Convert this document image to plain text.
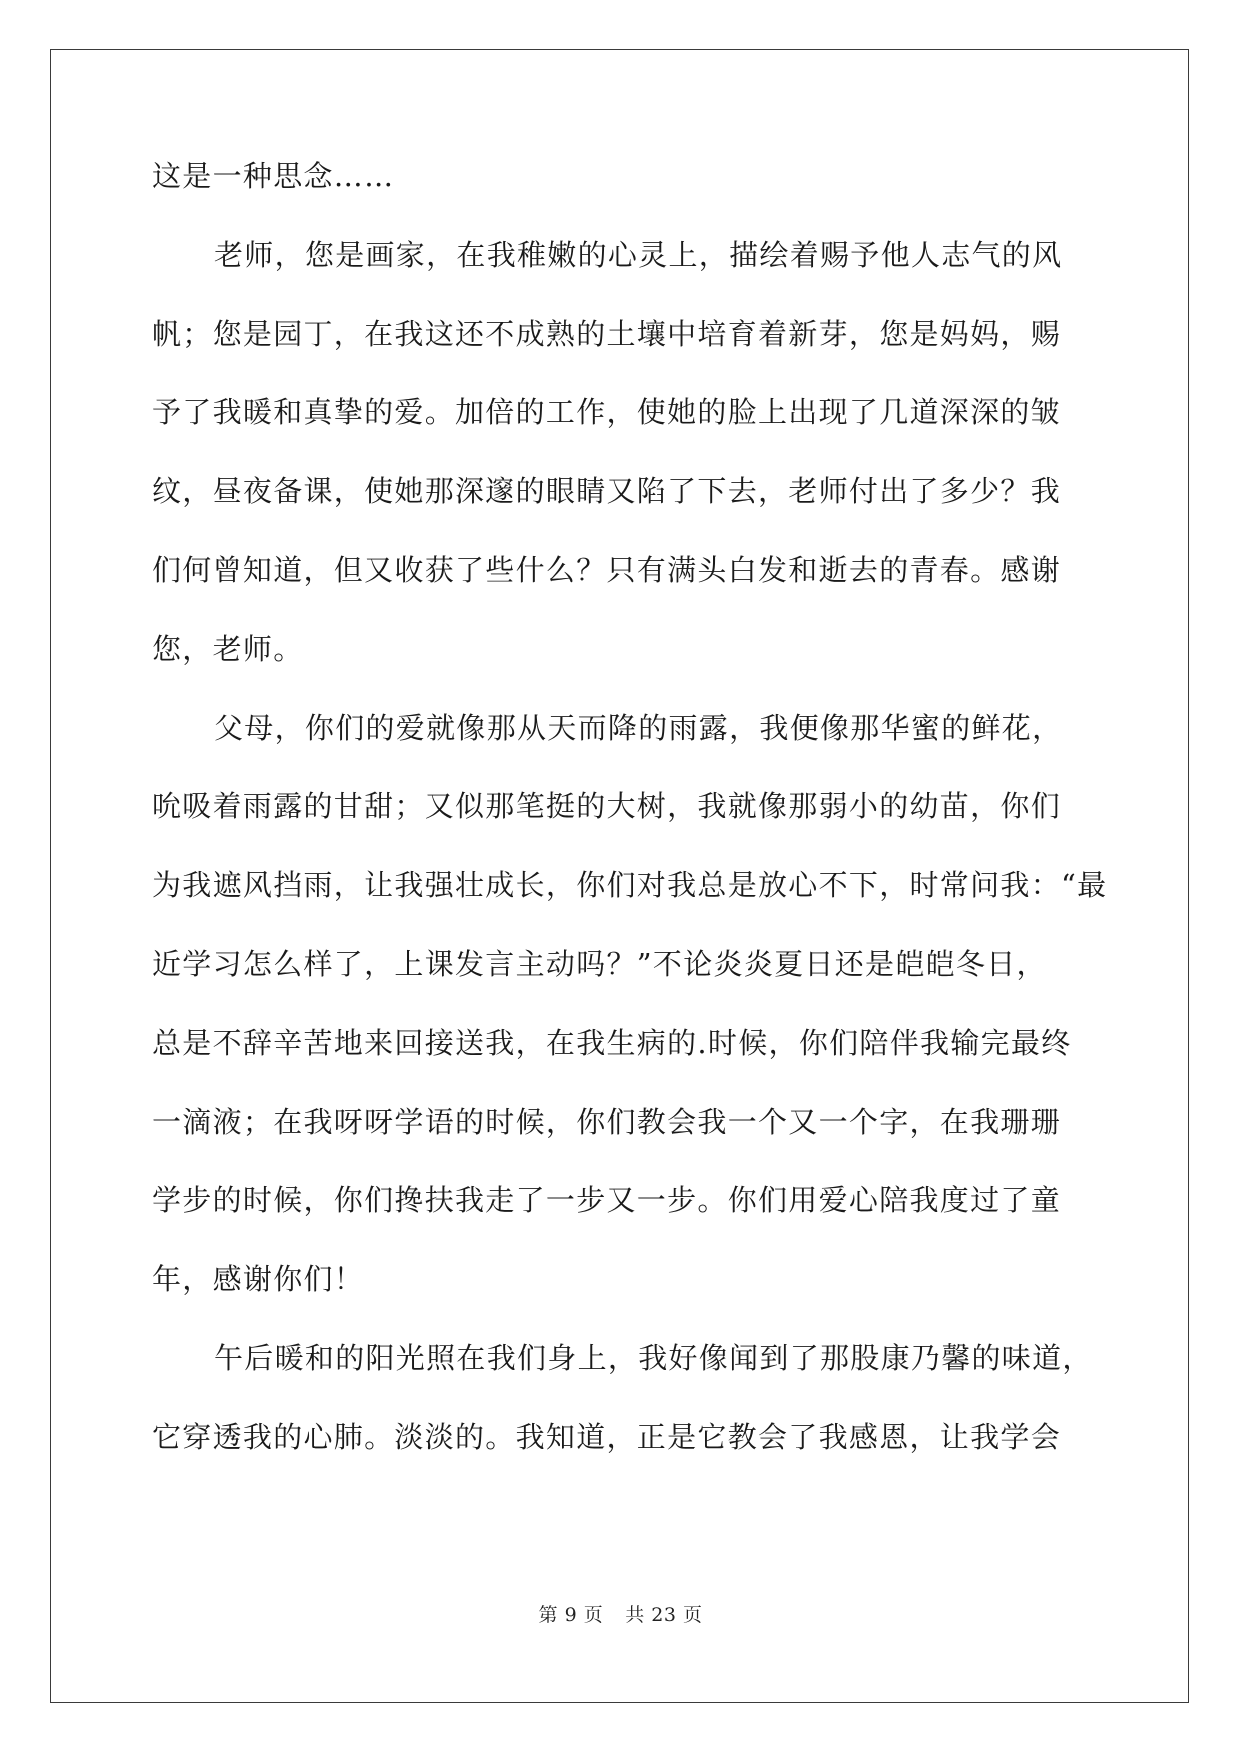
这是一种思念……
老师，您是画家，在我稚嫩的心灵上，描绘着赐予他人志气的风
帆；您是园丁，在我这还不成熟的土壤中培育着新芽，您是妈妈，赐
予了我暖和真挚的爱。加倍的工作，使她的脸上出现了几道深深的皱
纹，昼夜备课，使她那深邃的眼睛又陷了下去，老师付出了多少？我
们何曾知道，但又收获了些什么？只有满头白发和逝去的青春。感谢
您，老师。
父母，你们的爱就像那从天而降的雨露，我便像那华蜜的鲜花，
吮吸着雨露的甘甜；又似那笔挺的大树，我就像那弱小的幼苗，你们
为我遮风挡雨，让我强壮成长，你们对我总是放心不下，时常问我：“最
近学习怎么样了，上课发言主动吗？”不论炎炎夏日还是皑皑冬日，
总是不辞辛苦地来回接送我，在我生病的.时候，你们陪伴我输完最终
一滴液；在我呀呀学语的时候，你们教会我一个又一个字，在我珊珊
学步的时候，你们搀扶我走了一步又一步。你们用爱心陪我度过了童
年，感谢你们！
午后暖和的阳光照在我们身上，我好像闻到了那股康乃馨的味道，
它穿透我的心肺。淡淡的。我知道，正是它教会了我感恩，让我学会
第 9 页 共 23 页
